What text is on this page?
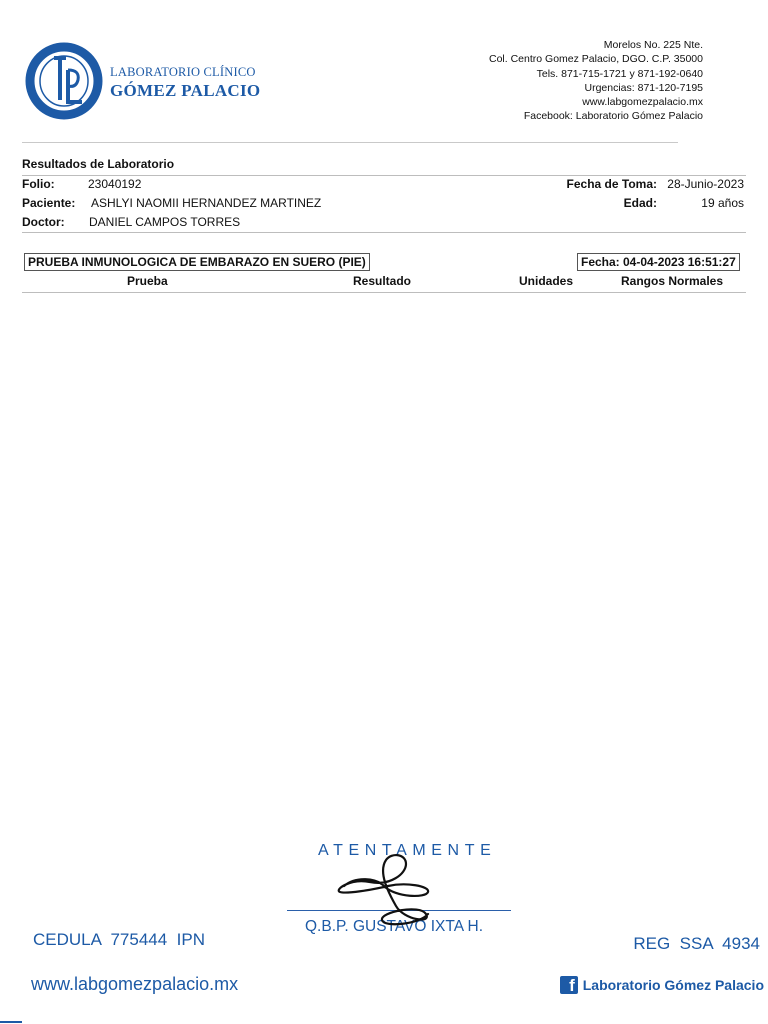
LABORATORIO CLÍNICO
GÓMEZ PALACIO
Morelos No. 225 Nte.
Col. Centro Gomez Palacio, DGO. C.P. 35000
Tels. 871-715-1721 y 871-192-0640
Urgencias: 871-120-7195
www.labgomezpalacio.mx
Facebook: Laboratorio Gómez Palacio
Resultados de Laboratorio
Folio:	23040192	Fecha de Toma: 28-Junio-2023
Paciente: ASHLYI NAOMII HERNANDEZ MARTINEZ	Edad:	19 años
Doctor: DANIEL CAMPOS TORRES
PRUEBA INMUNOLOGICA DE EMBARAZO EN SUERO (PIE)	Fecha: 04-04-2023 16:51:27
Prueba	Resultado	Unidades	Rangos Normales
ATENTAMENTE
Q.B.P. GUSTAVO IXTA H.
CEDULA  775444  IPN	REG  SSA  4934
www.labgomezpalacio.mx	f Laboratorio Gómez Palacio
